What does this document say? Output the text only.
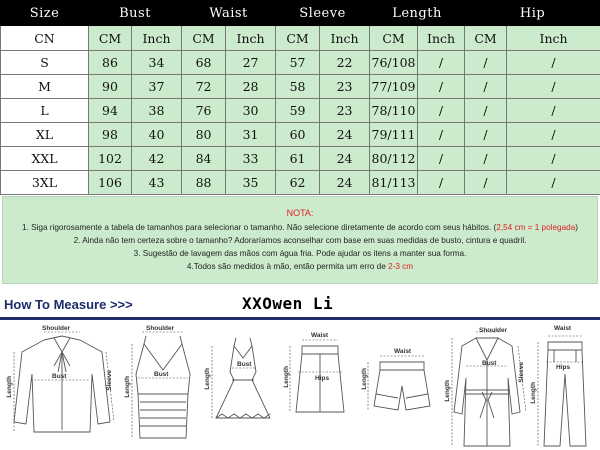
Size	Bust		Waist		Sleeve		Length		Hip	
CN	CM	Inch	CM	Inch	CM	Inch	CM	Inch	CM	Inch
S	86	34	68	27	57	22	76/108	/	/	/
M	90	37	72	28	58	23	77/109	/	/	/
L	94	38	76	30	59	23	78/110	/	/	/
XL	98	40	80	31	60	24	79/111	/	/	/
XXL	102	42	84	33	61	24	80/112	/	/	/
3XL	106	43	88	35	62	24	81/113	/	/	/
NOTA:
1. Siga rigorosamente a tabela de tamanhos para selecionar o tamanho. Não selecione diretamente de acordo com seus hábitos. (2,54 cm = 1 polegada)
2. Ainda não tem certeza sobre o tamanho? Adoraríamos aconselhar com base em suas medidas de busto, cintura e quadril.
3. Sugestão de lavagem das mãos com água fria. Pode ajudar os itens a manter sua forma.
4.Todos são medidos à mão, então permita um erro de 2-3 cm
How To Measure >>>	XXOwen Li
Shoulder
Bust
Length	Sleeve
Shoulder
Bust
Length
Bust
Length
Waist
Hips
Length
Waist
Length
Shoulder
Bust
Length
Sleeve
Waist
Hips
Length
